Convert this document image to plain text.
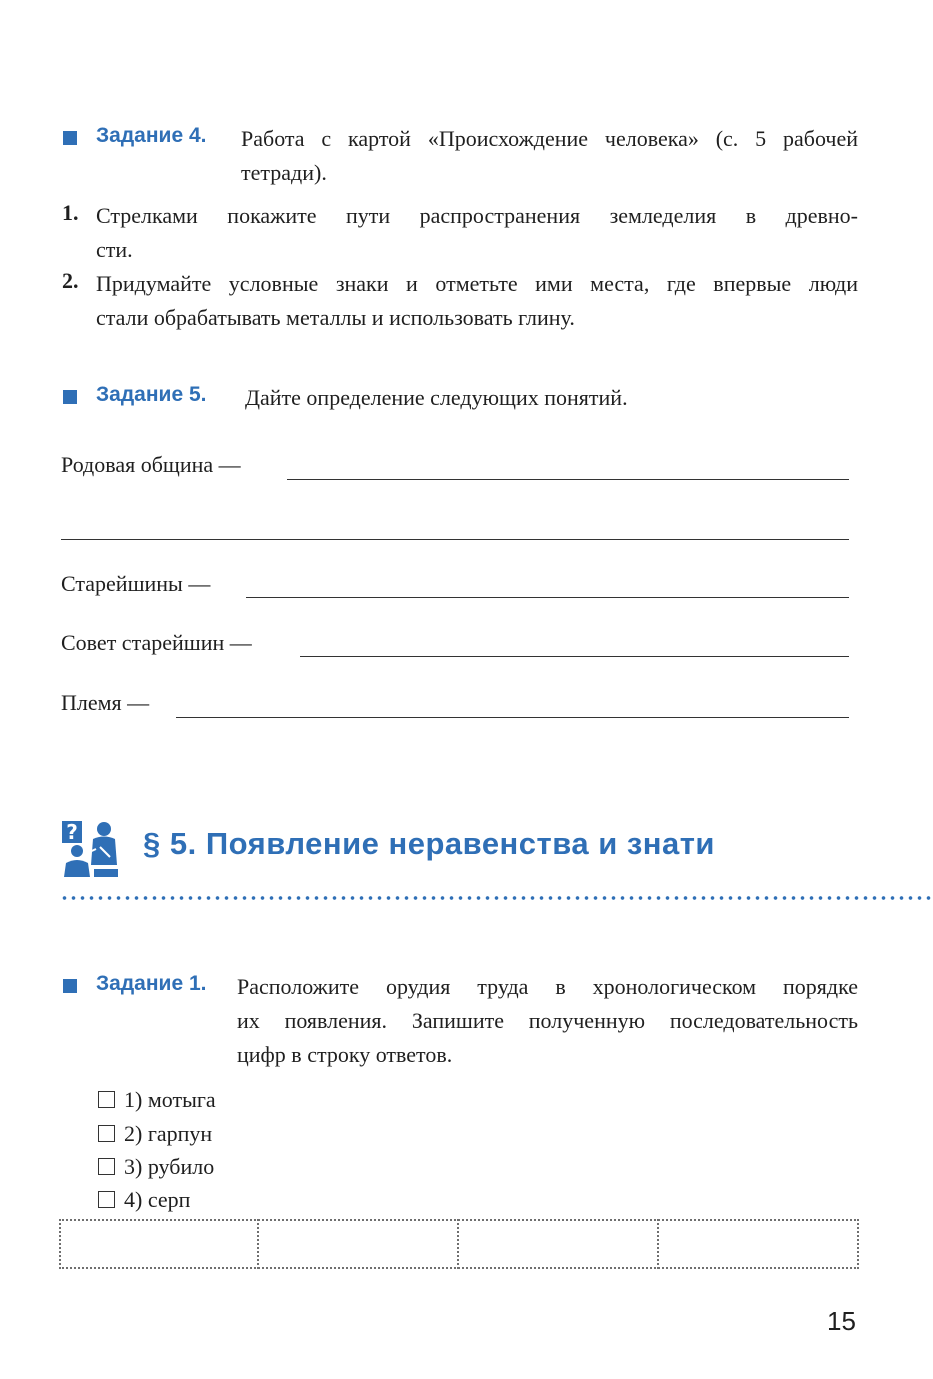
Задание 4. Работа с картой «Происхождение человека» (с. 5 рабочей
тетради).
1. Стрелками покажите пути распространения земледелия в древно-
сти.
2. Придумайте условные знаки и отметьте ими места, где впервые люди
стали обрабатывать металлы и использовать глину.
Задание 5. Дайте определение следующих понятий.
Родовая община —
Старейшины —
Совет старейшин —
Племя —
? § 5. Появление неравенства и знати
Задание 1. Расположите орудия труда в хронологическом порядке
их появления. Запишите полученную последовательность
цифр в строку ответов.
1) мотыга
2) гарпун
3) рубило
4) серп
15
